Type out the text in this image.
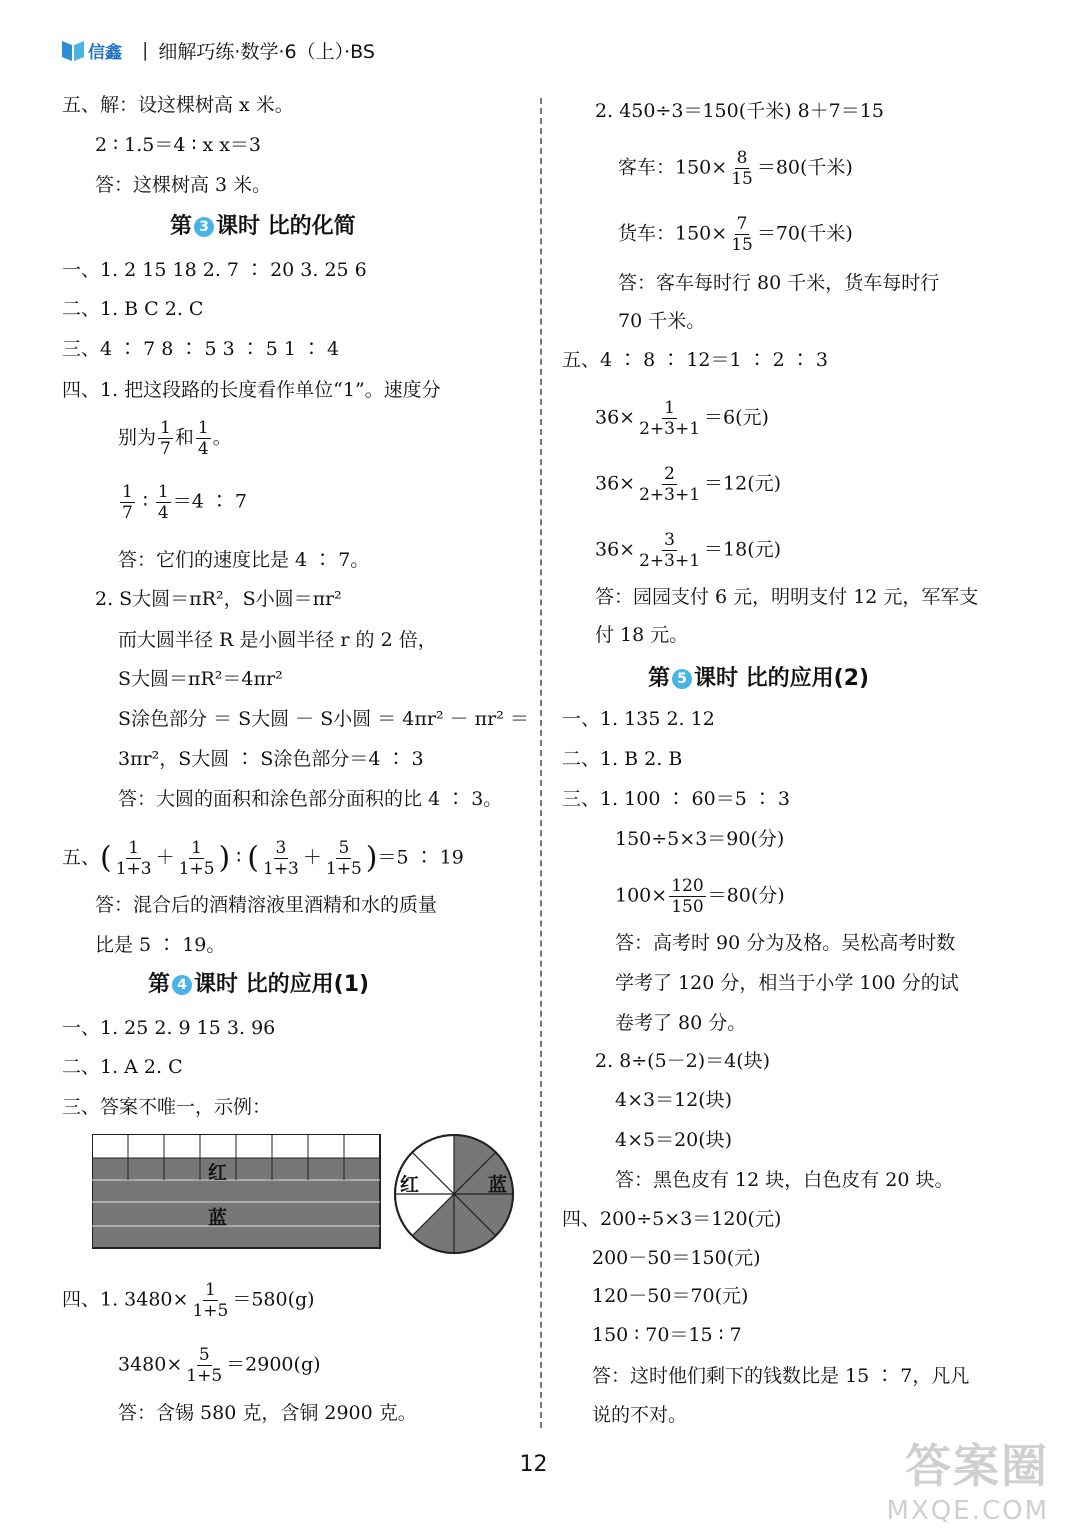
信鑫 | 细解巧练·数学·6（上）·BS
五、解：设这棵树高 x 米。
2 ∶ 1.5＝4 ∶ x x＝3
答：这棵树高 3 米。
第 3 课时 比的化简
一、1. 2 15 18 2. 7 ∶ 20 3. 25 6
二、1. B C 2. C
三、4 ∶ 7 8 ∶ 5 3 ∶ 5 1 ∶ 4
四、1. 把这段路的长度看作单位“1”。速度分
别为 $\frac{1}{7}$ 和 $\frac{1}{4}$ 。
$\frac{1}{7}$ ∶ $\frac{1}{4} =4$ ∶ 7
答：它们的速度比是 4 ∶ 7。
2. S大圆＝πR²，S小圆＝πr²
而大圆半径 R 是小圆半径 r 的 2 倍，
S大圆＝πR²＝4πr²
S涂色部分 ＝ S大圆 － S小圆 ＝ 4πr² － πr² ＝
3πr²，S大圆 ∶ S涂色部分＝4 ∶ 3
答：大圆的面积和涂色部分面积的比 4 ∶ 3。
五、( $\frac{1}{1+3} + \frac{1}{1+5}$ ) ∶ ( $\frac{3}{1+3} + \frac{5}{1+5} )=5$ ∶ 19
答：混合后的酒精溶液里酒精和水的质量
比是 5 ∶ 19。
第 4 课时 比的应用(1)
一、1. 25 2. 9 15 3. 96
二、1. A 2. C
三、答案不唯一，示例：
红
蓝
红	蓝
四、1. $3480\times \frac{1}{1+5} =580(g)$
$3480\times \frac{5}{1+5} =2900(g)$
答：含锡 580 克，含铜 2900 克。
2. 450÷3＝150(千米) 8＋7＝15
客车：$150\times \frac{8}{15} =80$(千米)
货车：$150\times \frac{7}{15} =70$(千米)
答：客车每时行 80 千米，货车每时行
70 千米。
五、4 ∶ 8 ∶ 12＝1 ∶ 2 ∶ 3
$36\times \frac{1}{2+3+1} =6$(元)
$36\times \frac{2}{2+3+1} =12$(元)
$36\times \frac{3}{2+3+1} =18$(元)
答：园园支付 6 元，明明支付 12 元，军军支
付 18 元。
第 5 课时 比的应用(2)
一、1. 135 2. 12
二、1. B 2. B
三、1. 100 ∶ 60＝5 ∶ 3
150÷5×3＝90(分)
$100\times \frac{120}{150} =80$(分)
答：高考时 90 分为及格。吴松高考时数
学考了 120 分，相当于小学 100 分的试
卷考了 80 分。
2. 8÷(5－2)＝4(块)
4×3＝12(块)
4×5＝20(块)
答：黑色皮有 12 块，白色皮有 20 块。
四、200÷5×3＝120(元)
200－50＝150(元)
120－50＝70(元)
150 ∶ 70＝15 ∶ 7
答：这时他们剩下的钱数比是 15 ∶ 7，凡凡
说的不对。
12	答案圈
MXQE.COM
